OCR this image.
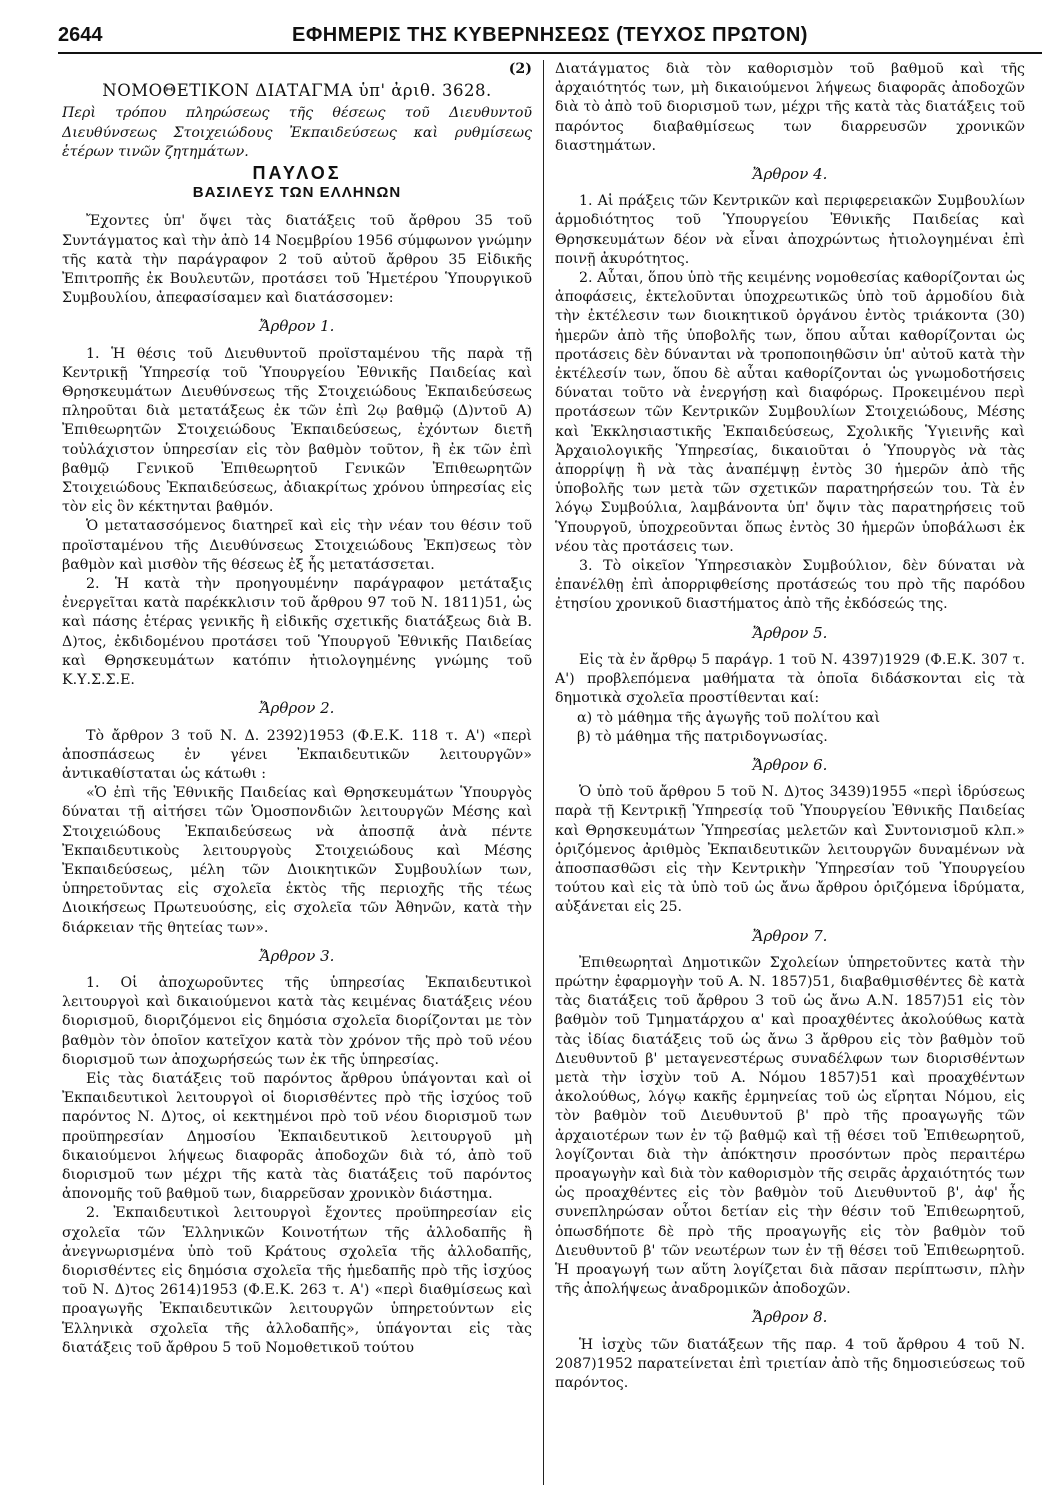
2644	ΕΦΗΜΕΡΙΣ ΤΗΣ ΚΥΒΕΡΝΗΣΕΩΣ (ΤΕΥΧΟΣ ΠΡΩΤΟΝ)
(2)
ΝΟΜΟΘΕΤΙΚΟΝ ΔΙΑΤΑΓΜΑ ὑπ' ἀριθ. 3628.
Περὶ τρόπου πληρώσεως τῆς θέσεως τοῦ Διευθυντοῦ Διευθύνσεως Στοιχειώδους Ἐκπαιδεύσεως καὶ ρυθμίσεως ἑτέρων τινῶν ζητημάτων.
ΠΑΥΛΟΣ
ΒΑΣΙΛΕΥΣ ΤΩΝ ΕΛΛΗΝΩΝ

Ἔχοντες ὑπ' ὄψει τὰς διατάξεις τοῦ ἄρθρου 35 τοῦ Συντάγματος καὶ τὴν ἀπὸ 14 Νοεμβρίου 1956 σύμφωνον γνώμην τῆς κατὰ τὴν παράγραφον 2 τοῦ αὐτοῦ ἄρθρου 35 Εἰδικῆς Ἐπιτροπῆς ἐκ Βουλευτῶν, προτάσει τοῦ Ἡμετέρου Ὑπουργικοῦ Συμβουλίου, ἀπεφασίσαμεν καὶ διατάσσομεν:

Ἄρθρον 1.

1. Ἡ θέσις τοῦ Διευθυντοῦ προϊσταμένου τῆς παρὰ τῇ Κεντρικῇ Ὑπηρεσίᾳ τοῦ Ὑπουργείου Ἐθνικῆς Παιδείας καὶ Θρησκευμάτων Διευθύνσεως τῆς Στοιχειώδους Ἐκπαιδεύσεως πληροῦται διὰ μετατάξεως ἐκ τῶν ἐπὶ 2ῳ βαθμῷ (Δ)ντοῦ Α) Ἐπιθεωρητῶν Στοιχειώδους Ἐκπαιδεύσεως, ἐχόντων διετῆ τοὐλάχιστον ὑπηρεσίαν εἰς τὸν βαθμὸν τοῦτον, ἢ ἐκ τῶν ἐπὶ βαθμῷ Γενικοῦ Ἐπιθεωρητοῦ Γενικῶν Ἐπιθεωρητῶν Στοιχειώδους Ἐκπαιδεύσεως, ἀδιακρίτως χρόνου ὑπηρεσίας εἰς τὸν εἰς ὃν κέκτηνται βαθμόν.

Ὁ μετατασσόμενος διατηρεῖ καὶ εἰς τὴν νέαν του θέσιν τοῦ προϊσταμένου τῆς Διευθύνσεως Στοιχειώδους Ἐκπ)σεως τὸν βαθμὸν καὶ μισθὸν τῆς θέσεως ἐξ ἧς μετατάσσεται.

2. Ἡ κατὰ τὴν προηγουμένην παράγραφον μετάταξις ἐνεργεῖται κατὰ παρέκκλισιν τοῦ ἄρθρου 97 τοῦ Ν. 1811)51, ὡς καὶ πάσης ἑτέρας γενικῆς ἢ εἰδικῆς σχετικῆς διατάξεως διὰ Β. Δ)τος, ἐκδιδομένου προτάσει τοῦ Ὑπουργοῦ Ἐθνικῆς Παιδείας καὶ Θρησκευμάτων κατόπιν ἠτιολογημένης γνώμης τοῦ Κ.Υ.Σ.Σ.Ε.

Ἄρθρον 2.

Τὸ ἄρθρον 3 τοῦ Ν. Δ. 2392)1953 (Φ.Ε.Κ. 118 τ. Α') «περὶ ἀποσπάσεως ἐν γένει Ἐκπαιδευτικῶν λειτουργῶν» ἀντικαθίσταται ὡς κάτωθι :

«Ὁ ἐπὶ τῆς Ἐθνικῆς Παιδείας καὶ Θρησκευμάτων Ὑπουργὸς δύναται τῇ αἰτήσει τῶν Ὁμοσπονδιῶν λειτουργῶν Μέσης καὶ Στοιχειώδους Ἐκπαιδεύσεως νὰ ἀποσπᾷ ἀνὰ πέντε Ἐκπαιδευτικοὺς λειτουργοὺς Στοιχειώδους καὶ Μέσης Ἐκπαιδεύσεως, μέλη τῶν Διοικητικῶν Συμβουλίων των, ὑπηρετοῦντας εἰς σχολεῖα ἐκτὸς τῆς περιοχῆς τῆς τέως Διοικήσεως Πρωτευούσης, εἰς σχολεῖα τῶν Ἀθηνῶν, κατὰ τὴν διάρκειαν τῆς θητείας των».

Ἄρθρον 3.

1. Οἱ ἀποχωροῦντες τῆς ὑπηρεσίας Ἐκπαιδευτικοὶ λειτουργοὶ καὶ δικαιούμενοι κατὰ τὰς κειμένας διατάξεις νέου διορισμοῦ, διοριζόμενοι εἰς δημόσια σχολεῖα διορίζονται με τὸν βαθμὸν τὸν ὁποῖον κατεῖχον κατὰ τὸν χρόνον τῆς πρὸ τοῦ νέου διορισμοῦ των ἀποχωρήσεώς των ἐκ τῆς ὑπηρεσίας.

Εἰς τὰς διατάξεις τοῦ παρόντος ἄρθρου ὑπάγονται καὶ οἱ Ἐκπαιδευτικοὶ λειτουργοὶ οἱ διορισθέντες πρὸ τῆς ἰσχύος τοῦ παρόντος Ν. Δ)τος, οἱ κεκτημένοι πρὸ τοῦ νέου διορισμοῦ των προϋπηρεσίαν Δημοσίου Ἐκπαιδευτικοῦ λειτουργοῦ μὴ δικαιούμενοι λήψεως διαφορᾶς ἀποδοχῶν διὰ τό, ἀπὸ τοῦ διορισμοῦ των μέχρι τῆς κατὰ τὰς διατάξεις τοῦ παρόντος ἀπονομῆς τοῦ βαθμοῦ των, διαρρεῦσαν χρονικὸν διάστημα.

2. Ἐκπαιδευτικοὶ λειτουργοὶ ἔχοντες προϋπηρεσίαν εἰς σχολεῖα τῶν Ἑλληνικῶν Κοινοτήτων τῆς ἀλλοδαπῆς ἢ ἀνεγνωρισμένα ὑπὸ τοῦ Κράτους σχολεῖα τῆς ἀλλοδαπῆς, διορισθέντες εἰς δημόσια σχολεῖα τῆς ἡμεδαπῆς πρὸ τῆς ἰσχύος τοῦ Ν. Δ)τος 2614)1953 (Φ.Ε.Κ. 263 τ. Α') «περὶ διαθμίσεως καὶ προαγωγῆς Ἐκπαιδευτικῶν λειτουργῶν ὑπηρετούντων εἰς Ἑλληνικὰ σχολεῖα τῆς ἀλλοδαπῆς», ὑπάγονται εἰς τὰς διατάξεις τοῦ ἄρθρου 5 τοῦ Νομοθετικοῦ τούτου

Διατάγματος διὰ τὸν καθορισμὸν τοῦ βαθμοῦ καὶ τῆς ἀρχαιότητός των, μὴ δικαιούμενοι λήψεως διαφορᾶς ἀποδοχῶν διὰ τὸ ἀπὸ τοῦ διορισμοῦ των, μέχρι τῆς κατὰ τὰς διατάξεις τοῦ παρόντος διαβαθμίσεως των διαρρευσῶν χρονικῶν διαστημάτων.

Ἄρθρον 4.

1. Αἱ πράξεις τῶν Κεντρικῶν καὶ περιφερειακῶν Συμβουλίων ἁρμοδιότητος τοῦ Ὑπουργείου Ἐθνικῆς Παιδείας καὶ Θρησκευμάτων δέον νὰ εἶναι ἀποχρώντως ἠτιολογημέναι ἐπὶ ποινῇ ἀκυρότητος.

2. Αὗται, ὅπου ὑπὸ τῆς κειμένης νομοθεσίας καθορίζονται ὡς ἀποφάσεις, ἐκτελοῦνται ὑποχρεωτικῶς ὑπὸ τοῦ ἁρμοδίου διὰ τὴν ἐκτέλεσιν των διοικητικοῦ ὀργάνου ἐντὸς τριάκοντα (30) ἡμερῶν ἀπὸ τῆς ὑποβολῆς των, ὅπου αὗται καθορίζονται ὡς προτάσεις δὲν δύνανται νὰ τροποποιηθῶσιν ὑπ' αὐτοῦ κατὰ τὴν ἐκτέλεσίν των, ὅπου δὲ αὗται καθορίζονται ὡς γνωμοδοτήσεις δύναται τοῦτο νὰ ἐνεργήσῃ καὶ διαφόρως. Προκειμένου περὶ προτάσεων τῶν Κεντρικῶν Συμβουλίων Στοιχειώδους, Μέσης καὶ Ἐκκλησιαστικῆς Ἐκπαιδεύσεως, Σχολικῆς Ὑγιεινῆς καὶ Ἀρχαιολογικῆς Ὑπηρεσίας, δικαιοῦται ὁ Ὑπουργὸς νὰ τὰς ἀπορρίψῃ ἢ νὰ τὰς ἀναπέμψῃ ἐντὸς 30 ἡμερῶν ἀπὸ τῆς ὑποβολῆς των μετὰ τῶν σχετικῶν παρατηρήσεών του. Τὰ ἐν λόγῳ Συμβούλια, λαμβάνοντα ὑπ' ὄψιν τὰς παρατηρήσεις τοῦ Ὑπουργοῦ, ὑποχρεοῦνται ὅπως ἐντὸς 30 ἡμερῶν ὑποβάλωσι ἐκ νέου τὰς προτάσεις των.

3. Τὸ οἰκεῖον Ὑπηρεσιακὸν Συμβούλιον, δὲν δύναται νὰ ἐπανέλθῃ ἐπὶ ἀπορριφθείσης προτάσεώς του πρὸ τῆς παρόδου ἐτησίου χρονικοῦ διαστήματος ἀπὸ τῆς ἐκδόσεώς της.

Ἄρθρον 5.

Εἰς τὰ ἐν ἄρθρῳ 5 παράγρ. 1 τοῦ Ν. 4397)1929 (Φ.Ε.Κ. 307 τ. Α') προβλεπόμενα μαθήματα τὰ ὁποῖα διδάσκονται εἰς τὰ δημοτικὰ σχολεῖα προστίθενται καί:

α) τὸ μάθημα τῆς ἀγωγῆς τοῦ πολίτου καὶ

β) τὸ μάθημα τῆς πατριδογνωσίας.

Ἄρθρον 6.

Ὁ ὑπὸ τοῦ ἄρθρου 5 τοῦ Ν. Δ)τος 3439)1955 «περὶ ἱδρύσεως παρὰ τῇ Κεντρικῇ Ὑπηρεσίᾳ τοῦ Ὑπουργείου Ἐθνικῆς Παιδείας καὶ Θρησκευμάτων Ὑπηρεσίας μελετῶν καὶ Συντονισμοῦ κλπ.» ὁριζόμενος ἀριθμὸς Ἐκπαιδευτικῶν λειτουργῶν δυναμένων νὰ ἀποσπασθῶσι εἰς τὴν Κεντρικὴν Ὑπηρεσίαν τοῦ Ὑπουργείου τούτου καὶ εἰς τὰ ὑπὸ τοῦ ὡς ἄνω ἄρθρου ὁριζόμενα ἱδρύματα, αὐξάνεται εἰς 25.

Ἄρθρον 7.

Ἐπιθεωρηταὶ Δημοτικῶν Σχολείων ὑπηρετοῦντες κατὰ τὴν πρώτην ἐφαρμογὴν τοῦ Α. Ν. 1857)51, διαβαθμισθέντες δὲ κατὰ τὰς διατάξεις τοῦ ἄρθρου 3 τοῦ ὡς ἄνω Α.Ν. 1857)51 εἰς τὸν βαθμὸν τοῦ Τμηματάρχου α' καὶ προαχθέντες ἀκολούθως κατὰ τὰς ἰδίας διατάξεις τοῦ ὡς ἄνω 3 ἄρθρου εἰς τὸν βαθμὸν τοῦ Διευθυντοῦ β' μεταγενεστέρως συναδέλφων των διορισθέντων μετὰ τὴν ἰσχὺν τοῦ Α. Νόμου 1857)51 καὶ προαχθέντων ἀκολούθως, λόγῳ κακῆς ἑρμηνείας τοῦ ὡς εἴρηται Νόμου, εἰς τὸν βαθμὸν τοῦ Διευθυντοῦ β' πρὸ τῆς προαγωγῆς τῶν ἀρχαιοτέρων των ἐν τῷ βαθμῷ καὶ τῇ θέσει τοῦ Ἐπιθεωρητοῦ, λογίζονται διὰ τὴν ἀπόκτησιν προσόντων πρὸς περαιτέρω προαγωγὴν καὶ διὰ τὸν καθορισμὸν τῆς σειρᾶς ἀρχαιότητός των ὡς προαχθέντες εἰς τὸν βαθμὸν τοῦ Διευθυντοῦ β', ἀφ' ἧς συνεπληρώσαν οὗτοι δετίαν εἰς τὴν θέσιν τοῦ Ἐπιθεωρητοῦ, ὁπωσδήποτε δὲ πρὸ τῆς προαγωγῆς εἰς τὸν βαθμὸν τοῦ Διευθυντοῦ β' τῶν νεωτέρων των ἐν τῇ θέσει τοῦ Ἐπιθεωρητοῦ. Ἡ προαγωγή των αὕτη λογίζεται διὰ πᾶσαν περίπτωσιν, πλὴν τῆς ἀπολήψεως ἀναδρομικῶν ἀποδοχῶν.

Ἄρθρον 8.

Ἡ ἰσχὺς τῶν διατάξεων τῆς παρ. 4 τοῦ ἄρθρου 4 τοῦ Ν. 2087)1952 παρατείνεται ἐπὶ τριετίαν ἀπὸ τῆς δημοσιεύσεως τοῦ παρόντος.
